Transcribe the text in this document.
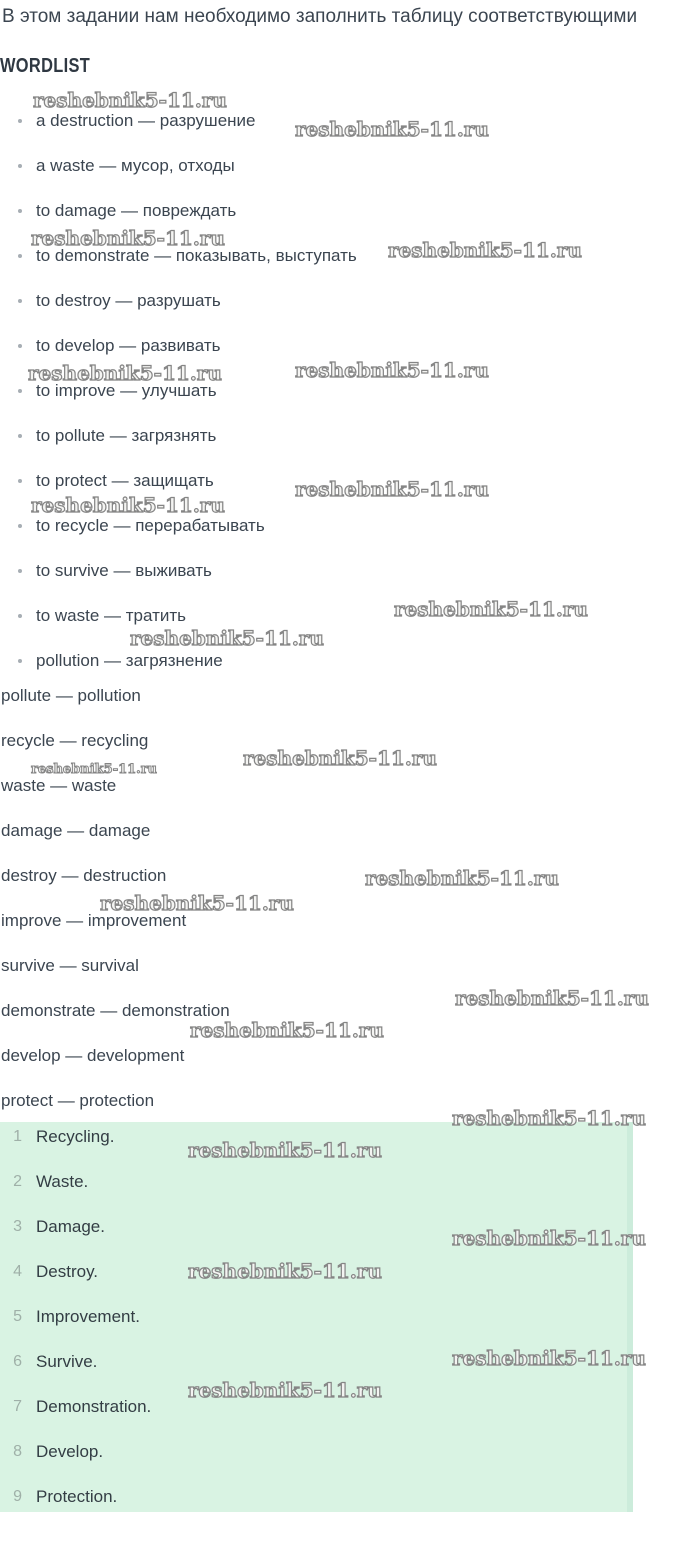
В этом задании нам необходимо заполнить таблицу соответствующими

WORDLIST
a destruction — разрушение
a waste — мусор, отходы
to damage — повреждать
to demonstrate — показывать, выступать
to destroy — разрушать
to develop — развивать
to improve — улучшать
to pollute — загрязнять
to protect — защищать
to recycle — перерабатывать
to survive — выживать
to waste — тратить
pollution — загрязнение
pollute — pollution
recycle — recycling
waste — waste
damage — damage
destroy — destruction
improve — improvement
survive — survival
demonstrate — demonstration
develop — development
protect — protection
1 Recycling.
2 Waste.
3 Damage.
4 Destroy.
5 Improvement.
6 Survive.
7 Demonstration.
8 Develop.
9 Protection.
reshebnik5-11.ru
reshebnik5-11.ru
reshebnik5-11.ru	reshebnik5-11.ru
reshebnik5-11.ru	reshebnik5-11.ru
reshebnik5-11.ru
reshebnik5-11.ru
reshebnik5-11.ru
reshebnik5-11.ru
reshebnik5-11.ru
reshebnik5-11.ru
reshebnik5-11.ru
reshebnik5-11.ru
reshebnik5-11.ru
reshebnik5-11.ru
reshebnik5-11.ru
reshebnik5-11.ru
reshebnik5-11.ru
reshebnik5-11.ru
reshebnik5-11.ru
reshebnik5-11.ru
